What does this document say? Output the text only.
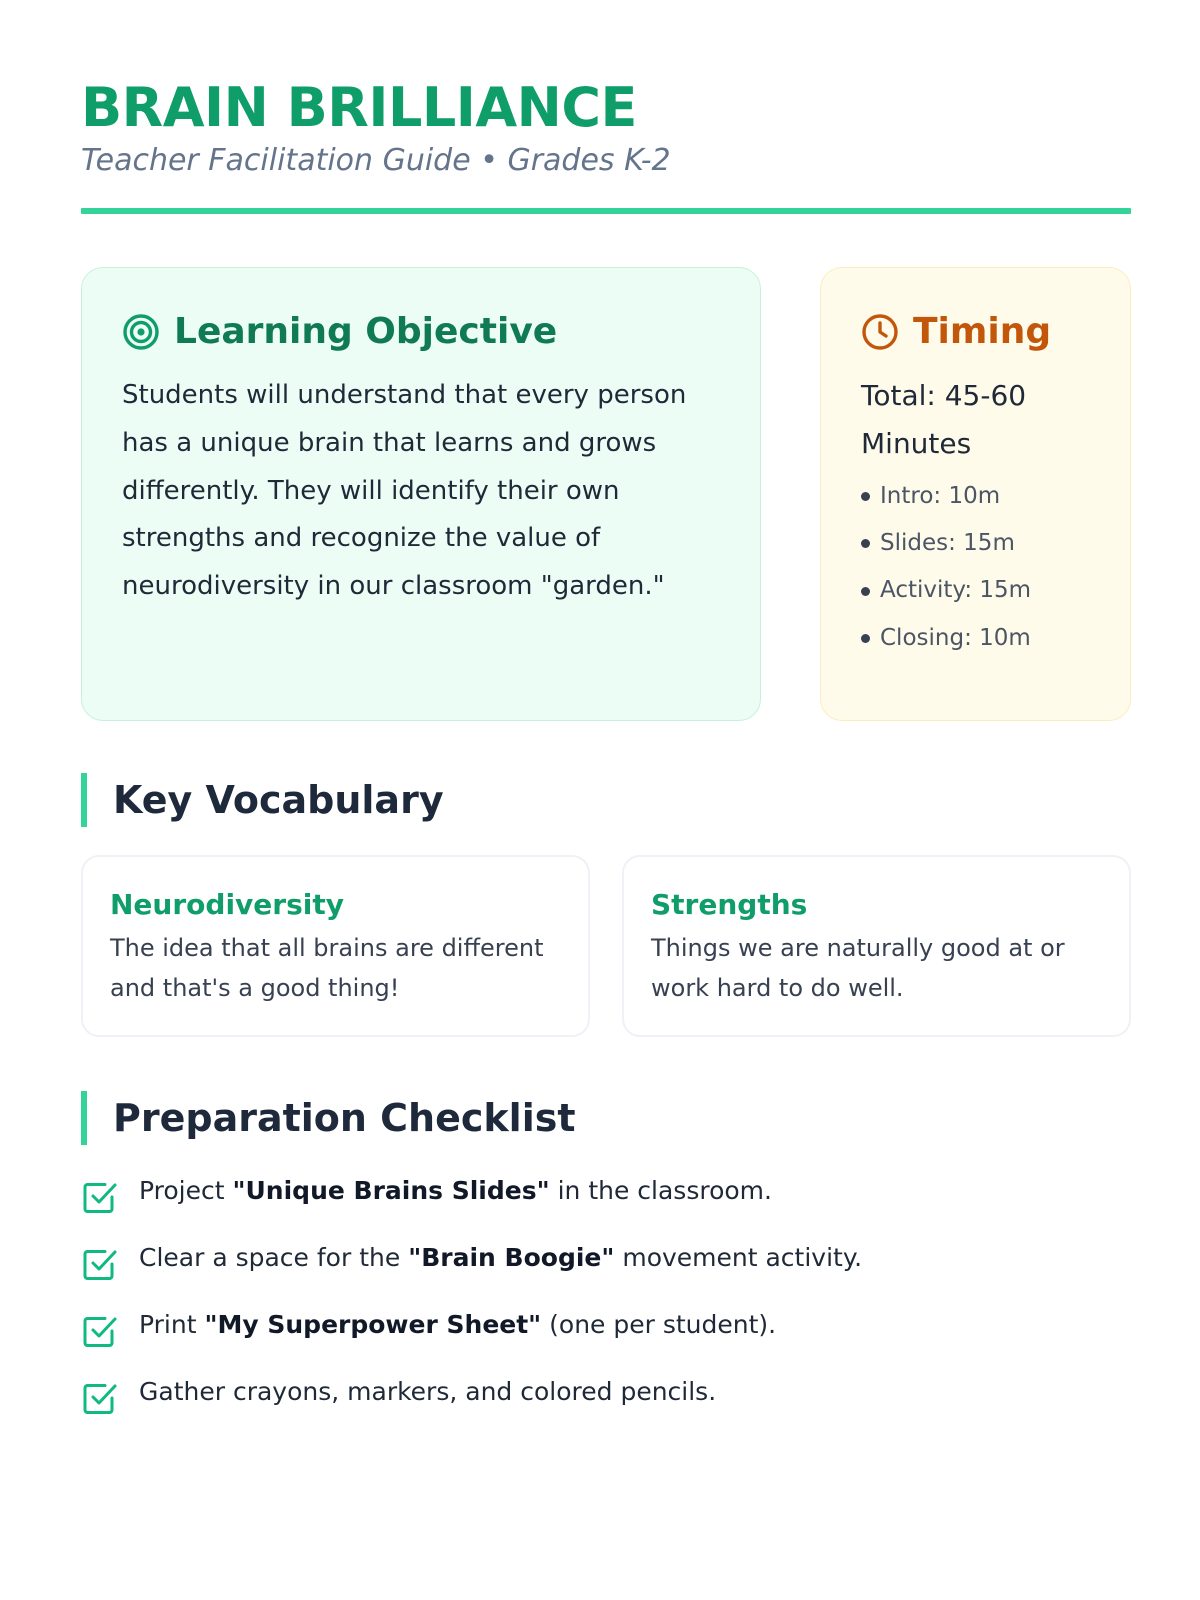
BRAIN BRILLIANCE
Teacher Facilitation Guide • Grades K-2
Learning Objective
Students will understand that every person has a unique brain that learns and grows differently. They will identify their own strengths and recognize the value of neurodiversity in our classroom "garden."
Timing
Total: 45-60 Minutes
Intro: 10m
Slides: 15m
Activity: 15m
Closing: 10m
Key Vocabulary
Neurodiversity
The idea that all brains are different and that's a good thing!
Strengths
Things we are naturally good at or work hard to do well.
Preparation Checklist
Project "Unique Brains Slides" in the classroom.
Clear a space for the "Brain Boogie" movement activity.
Print "My Superpower Sheet" (one per student).
Gather crayons, markers, and colored pencils.
